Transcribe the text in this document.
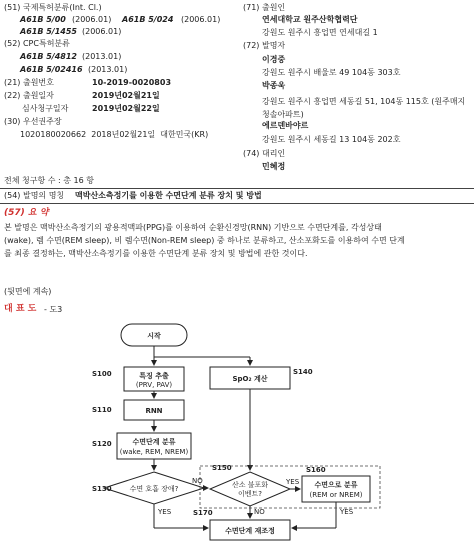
(51) 국제특허분류(Int. Cl.)
A61B 5/00 (2006.01) A61B 5/024 (2006.01)
A61B 5/1455 (2006.01)
(52) CPC특허분류
A61B 5/4812 (2013.01)
A61B 5/02416 (2013.01)
(21) 출원번호	10-2019-0020803
(22) 출원일자	2019년02월21일
심사청구일자	2019년02월22일
(30) 우선권주장
1020180020662  2018년02월21일  대한민국(KR)
(71) 출원인
연세대학교 원주산학협력단
강원도 원주시 흥업면 연세대길 1
(72) 발명자
이경중
강원도 원주시 배울로 49 104동 303호
박종욱
강원도 원주시 흥업면 세동길 51, 104동 115호 (원주매지청솔아파트)
에르덴바야르
강원도 원주시 세동길 13 104동 202호
(74) 대리인
민혜정
전체 청구항 수 : 총 16 항
(54) 발명의 명칭 맥박산소측정기를 이용한 수면단계 분류 장치 및 방법
(57) 요 약
본 발명은 맥박산소측정기의 광용적맥파(PPG)를 이용하여 순환신경망(RNN) 기반으로 수면단계를, 각성상태
(wake), 렘 수면(REM sleep), 비 렘수면(Non-REM sleep) 중 하나로 분류하고, 산소포화도를 이용하여 수면 단계
를 최종 결정하는, 맥박산소측정기를 이용한 수면단계 분류 장치 및 방법에 관한 것이다.
(뒷면에 계속)
대 표 도 - 도3
시작
특징 추출
(PRV, PAV)
SpO₂ 계산
RNN
수면단계 분류
(wake, REM, NREM)
수면 호흡 장애?	산소 불포화
이벤트?
수면으로 분류
(REM or NREM)
수면단계 재조정
S100
S110
S120
S130
S140
S150	S160
S170
NO
YES
YES
NO	YES
